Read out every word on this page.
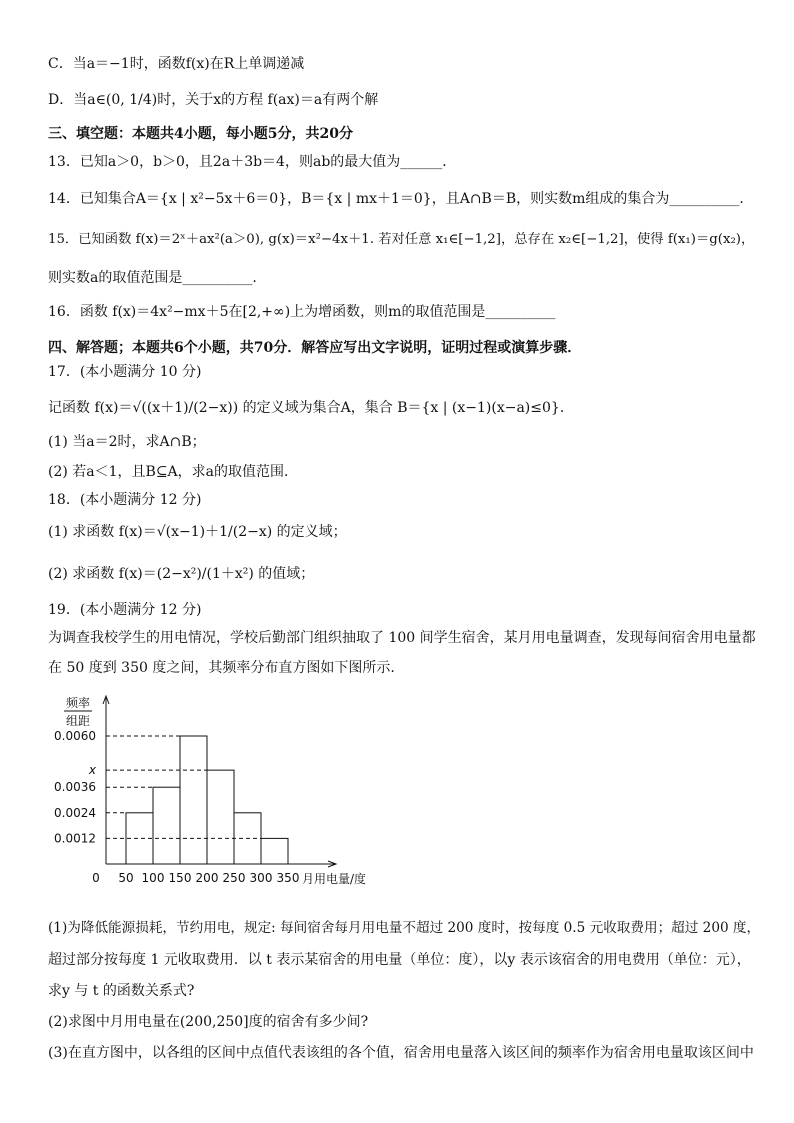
C．当a＝−1时，函数f(x)在R上单调递减
D．当a∈(0, 1/4)时，关于x的方程 f(ax)＝a有两个解
三、填空题：本题共4小题，每小题5分，共20分
13．已知a＞0，b＞0，且2a＋3b＝4，则ab的最大值为______．
14．已知集合A＝{x | x²−5x＋6＝0}，B＝{x | mx＋1＝0}，且A∩B＝B，则实数m组成的集合为__________．
15．已知函数 f(x)＝2ˣ＋ax²(a＞0), g(x)＝x²−4x＋1. 若对任意 x₁∈[−1,2]，总存在 x₂∈[−1,2]，使得 f(x₁)＝g(x₂)，
则实数a的取值范围是__________.
16．函数 f(x)＝4x²−mx＋5在[2,+∞)上为增函数，则m的取值范围是__________
四、解答题；本题共6个小题，共70分．解答应写出文字说明，证明过程或演算步骤．
17．(本小题满分 10 分)
记函数 f(x)＝√((x＋1)/(2−x)) 的定义域为集合A，集合 B＝{x | (x−1)(x−a)≤0}．
(1) 当a＝2时，求A∩B；
(2) 若a＜1，且B⊆A，求a的取值范围．
18．(本小题满分 12 分)
(1) 求函数 f(x)＝√(x−1)＋1/(2−x) 的定义域；
(2) 求函数 f(x)＝(2−x²)/(1＋x²) 的值域；
19．(本小题满分 12 分)
为调查我校学生的用电情况，学校后勤部门组织抽取了 100 间学生宿舍，某月用电量调查，发现每间宿舍用电量都
在 50 度到 350 度之间，其频率分布直方图如下图所示.
0.0060
x
0.0036
0.0024
0.0012
频率
组距
0 50 100 150 200 250 300 350 月用电量/度
(1)为降低能源损耗，节约用电，规定: 每间宿舍每月用电量不超过 200 度时，按每度 0.5 元收取费用；超过 200 度，
超过部分按每度 1 元收取费用．以 t 表示某宿舍的用电量（单位：度），以y 表示该宿舍的用电费用（单位：元），
求y 与 t 的函数关系式?
(2)求图中月用电量在(200,250]度的宿舍有多少间?
(3)在直方图中，以各组的区间中点值代表该组的各个值，宿舍用电量落入该区间的频率作为宿舍用电量取该区间中
